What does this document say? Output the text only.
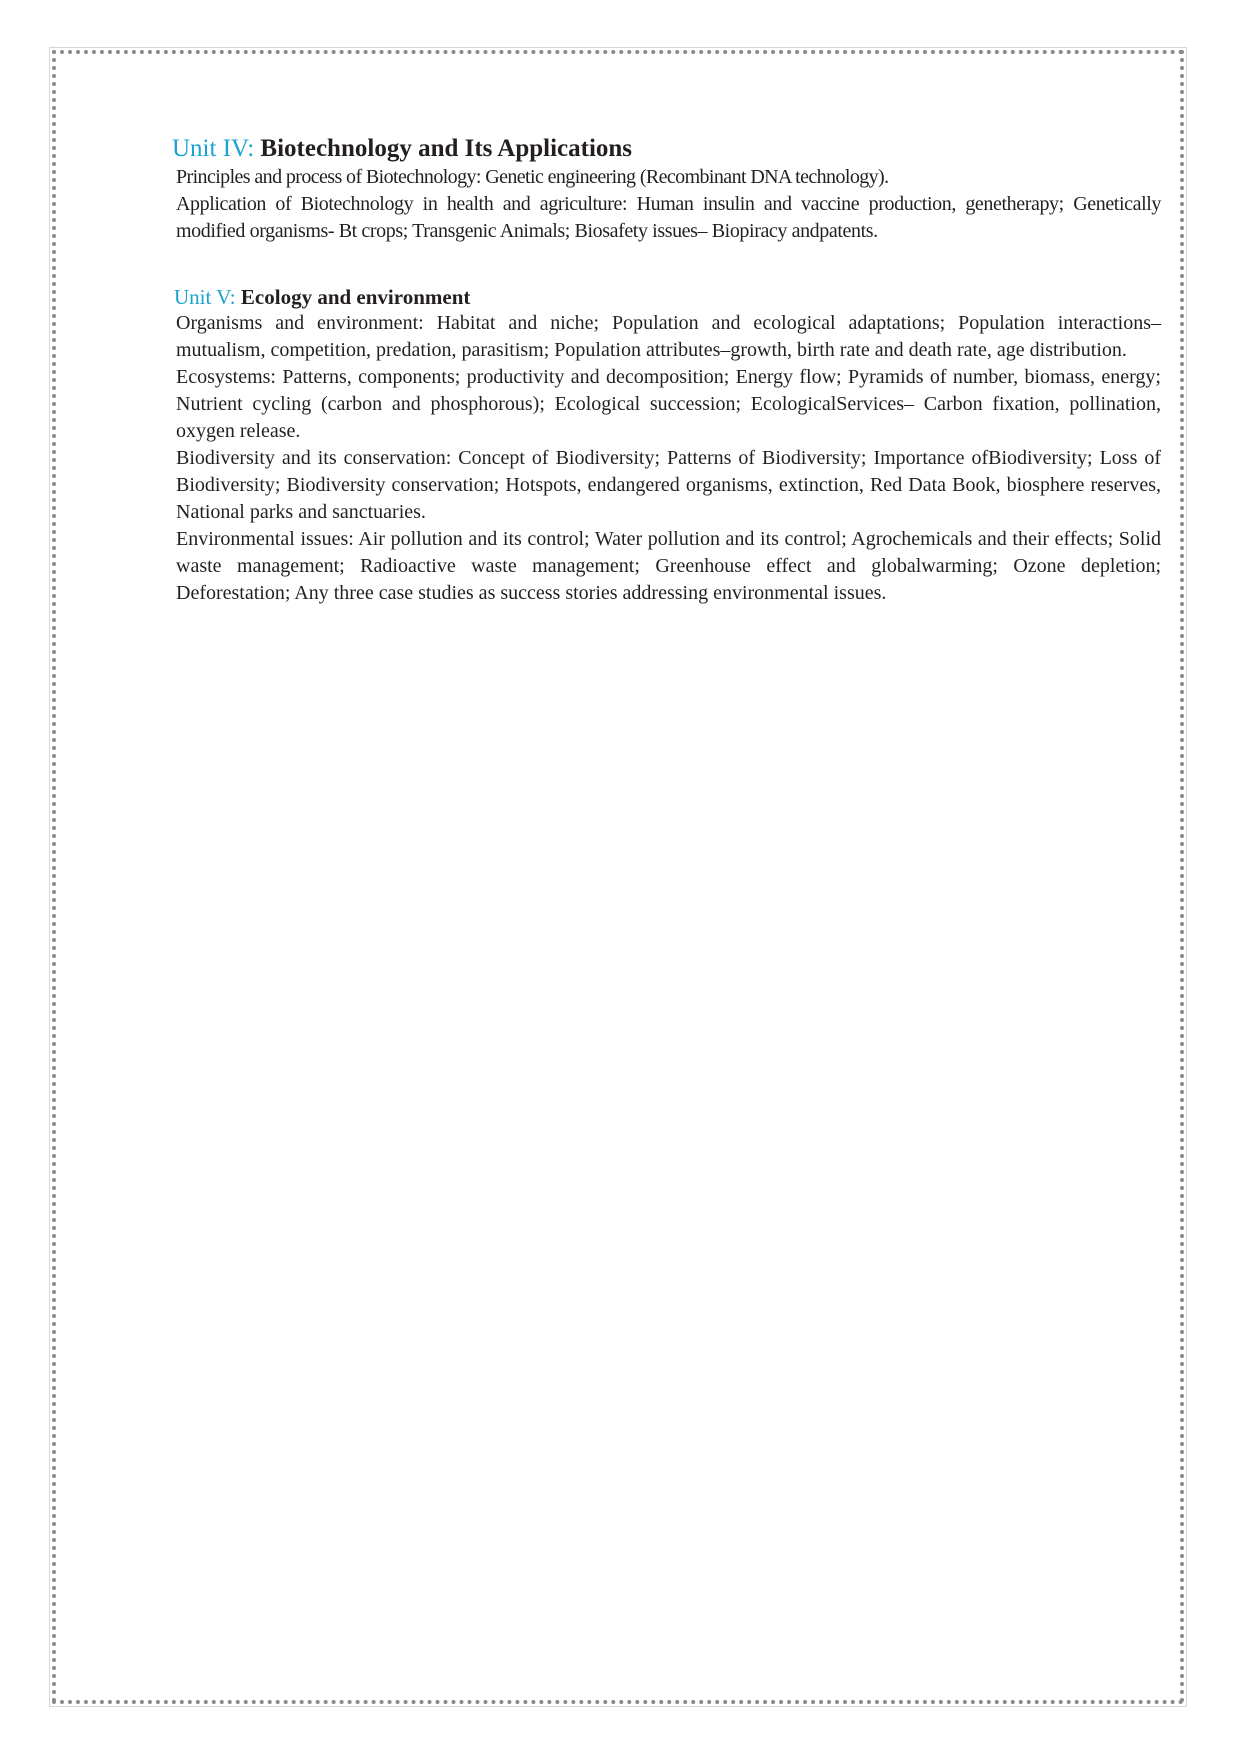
Unit IV: Biotechnology and Its Applications

Principles and process of Biotechnology: Genetic engineering (Recombinant DNA technology).

Application of Biotechnology in health and agriculture: Human insulin and vaccine production, genetherapy; Genetically modified organisms- Bt crops; Transgenic Animals; Biosafety issues– Biopiracy andpatents.

Unit V: Ecology and environment

Organisms and environment: Habitat and niche; Population and ecological adaptations; Population interactions–mutualism, competition, predation, parasitism; Population attributes–growth, birth rate and death rate, age distribution.

Ecosystems: Patterns, components; productivity and decomposition; Energy flow; Pyramids of number, biomass, energy; Nutrient cycling (carbon and phosphorous); Ecological succession; EcologicalServices– Carbon fixation, pollination, oxygen release.

Biodiversity and its conservation: Concept of Biodiversity; Patterns of Biodiversity; Importance ofBiodiversity; Loss of Biodiversity; Biodiversity conservation; Hotspots, endangered organisms, extinction, Red Data Book, biosphere reserves, National parks and sanctuaries.

Environmental issues: Air pollution and its control; Water pollution and its control; Agrochemicals and their effects; Solid waste management; Radioactive waste management; Greenhouse effect and globalwarming; Ozone depletion; Deforestation; Any three case studies as success stories addressing environmental issues.
